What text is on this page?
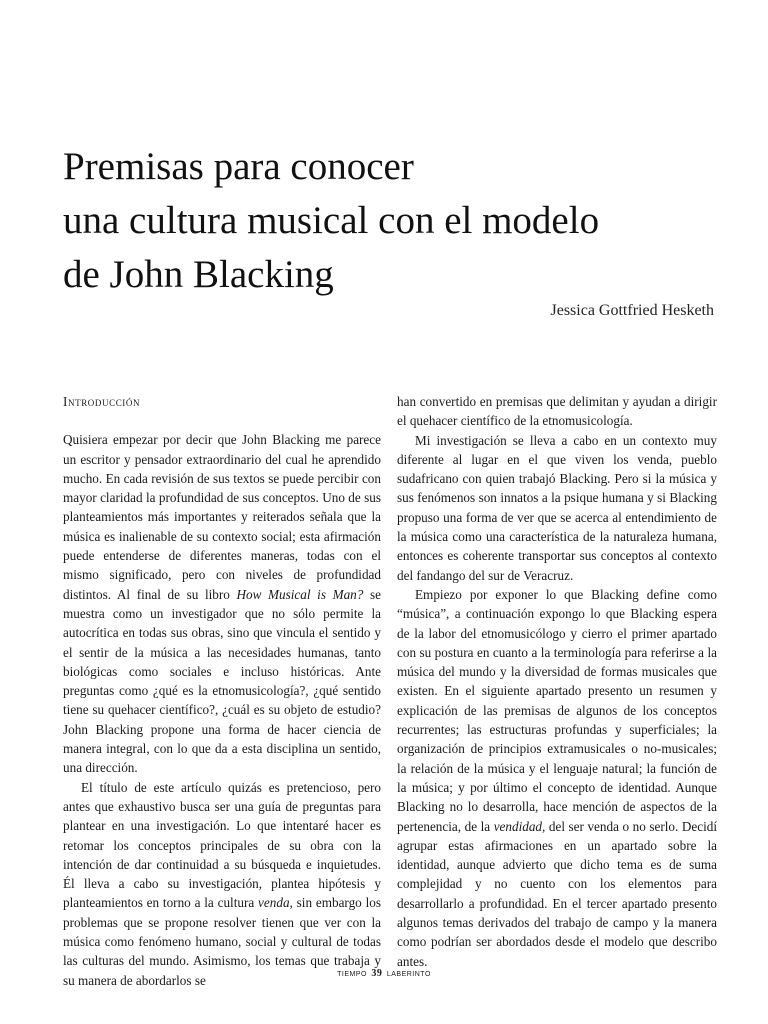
Premisas para conocer
una cultura musical con el modelo
de John Blacking
Jessica Gottfried Hesketh
Introducción

Quisiera empezar por decir que John Blacking me parece un escritor y pensador extraordinario del cual he aprendido mucho. En cada revisión de sus textos se puede percibir con mayor claridad la profundidad de sus conceptos. Uno de sus planteamientos más importantes y reiterados señala que la música es inalienable de su contexto social; esta afirmación puede entenderse de diferentes maneras, todas con el mismo significado, pero con niveles de profundidad distintos. Al final de su libro How Musical is Man? se muestra como un investigador que no sólo permite la autocrítica en todas sus obras, sino que vincula el sentido y el sentir de la música a las necesidades humanas, tanto biológicas como sociales e incluso históricas. Ante preguntas como ¿qué es la etnomusicología?, ¿qué sentido tiene su quehacer científico?, ¿cuál es su objeto de estudio? John Blacking propone una forma de hacer ciencia de manera integral, con lo que da a esta disciplina un sentido, una dirección.

El título de este artículo quizás es pretencioso, pero antes que exhaustivo busca ser una guía de preguntas para plantear en una investigación. Lo que intentaré hacer es retomar los conceptos principales de su obra con la intención de dar continuidad a su búsqueda e inquietudes. Él lleva a cabo su investigación, plantea hipótesis y planteamientos en torno a la cultura venda, sin embargo los problemas que se propone resolver tienen que ver con la música como fenómeno humano, social y cultural de todas las culturas del mundo. Asimismo, los temas que trabaja y su manera de abordarlos se

han convertido en premisas que delimitan y ayudan a dirigir el quehacer científico de la etnomusicología.

Mi investigación se lleva a cabo en un contexto muy diferente al lugar en el que viven los venda, pueblo sudafricano con quien trabajó Blacking. Pero si la música y sus fenómenos son innatos a la psique humana y si Blacking propuso una forma de ver que se acerca al entendimiento de la música como una característica de la naturaleza humana, entonces es coherente transportar sus conceptos al contexto del fandango del sur de Veracruz.

Empiezo por exponer lo que Blacking define como “música”, a continuación expongo lo que Blacking espera de la labor del etnomusicólogo y cierro el primer apartado con su postura en cuanto a la terminología para referirse a la música del mundo y la diversidad de formas musicales que existen. En el siguiente apartado presento un resumen y explicación de las premisas de algunos de los conceptos recurrentes; las estructuras profundas y superficiales; la organización de principios extramusicales o no-musicales; la relación de la música y el lenguaje natural; la función de la música; y por último el concepto de identidad. Aunque Blacking no lo desarrolla, hace mención de aspectos de la pertenencia, de la vendidad, del ser venda o no serlo. Decidí agrupar estas afirmaciones en un apartado sobre la identidad, aunque advierto que dicho tema es de suma complejidad y no cuento con los elementos para desarrollarlo a profundidad. En el tercer apartado presento algunos temas derivados del trabajo de campo y la manera como podrían ser abordados desde el modelo que describo antes.

TIEMPO 39 LABERINTO
